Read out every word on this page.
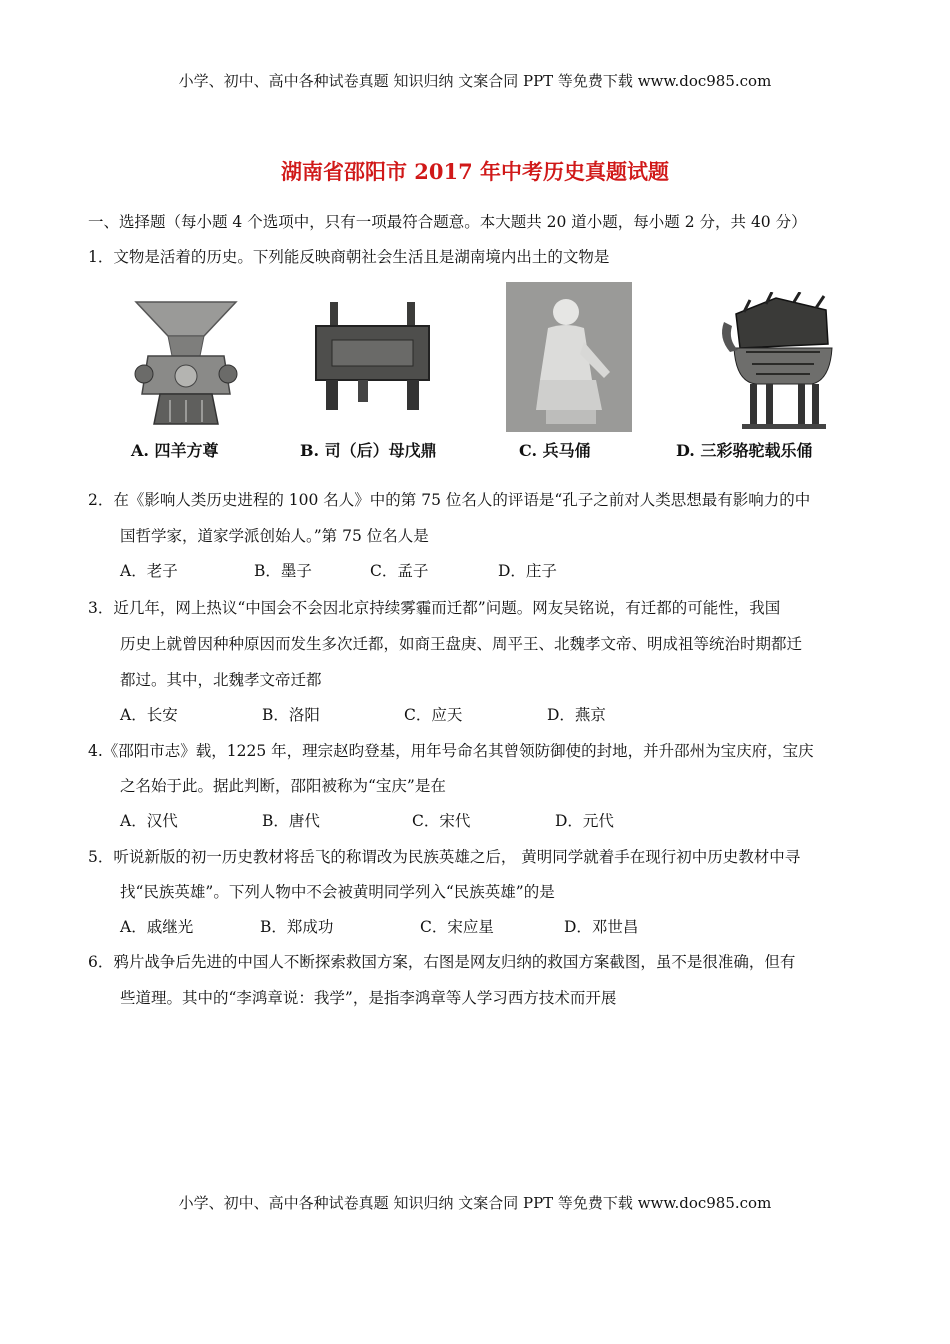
小学、初中、高中各种试卷真题 知识归纳 文案合同 PPT 等免费下载 www.doc985.com
湖南省邵阳市 2017 年中考历史真题试题
一、选择题（每小题 4 个选项中，只有一项最符合题意。本大题共 20 道小题，每小题 2 分，共 40 分）
1．文物是活着的历史。下列能反映商朝社会生活且是湖南境内出土的文物是
A. 四羊方尊	B. 司（后）母戊鼎	C. 兵马俑	D. 三彩骆驼载乐俑
2．在《影响人类历史进程的 100 名人》中的第 75 位名人的评语是“孔子之前对人类思想最有影响力的中
国哲学家，道家学派创始人。”第 75 位名人是
A．老子	B．墨子	C．孟子	D．庄子
3．近几年，网上热议“中国会不会因北京持续雾霾而迁都”问题。网友吴铭说，有迁都的可能性，我国
历史上就曾因种种原因而发生多次迁都，如商王盘庚、周平王、北魏孝文帝、明成祖等统治时期都迁
都过。其中，北魏孝文帝迁都
A．长安	B．洛阳	C．应天	D．燕京
4.《邵阳市志》载，1225 年，理宗赵昀登基，用年号命名其曾领防御使的封地，并升邵州为宝庆府，宝庆
之名始于此。据此判断，邵阳被称为“宝庆”是在
A．汉代	B．唐代	C．宋代	D．元代
5．听说新版的初一历史教材将岳飞的称谓改为民族英雄之后， 黄明同学就着手在现行初中历史教材中寻
找“民族英雄”。下列人物中不会被黄明同学列入“民族英雄”的是
A．戚继光	B．郑成功	C．宋应星	D．邓世昌
6．鸦片战争后先进的中国人不断探索救国方案，右图是网友归纳的救国方案截图，虽不是很准确，但有
些道理。其中的“李鸿章说：我学”，是指李鸿章等人学习西方技术而开展
小学、初中、高中各种试卷真题 知识归纳 文案合同 PPT 等免费下载 www.doc985.com
